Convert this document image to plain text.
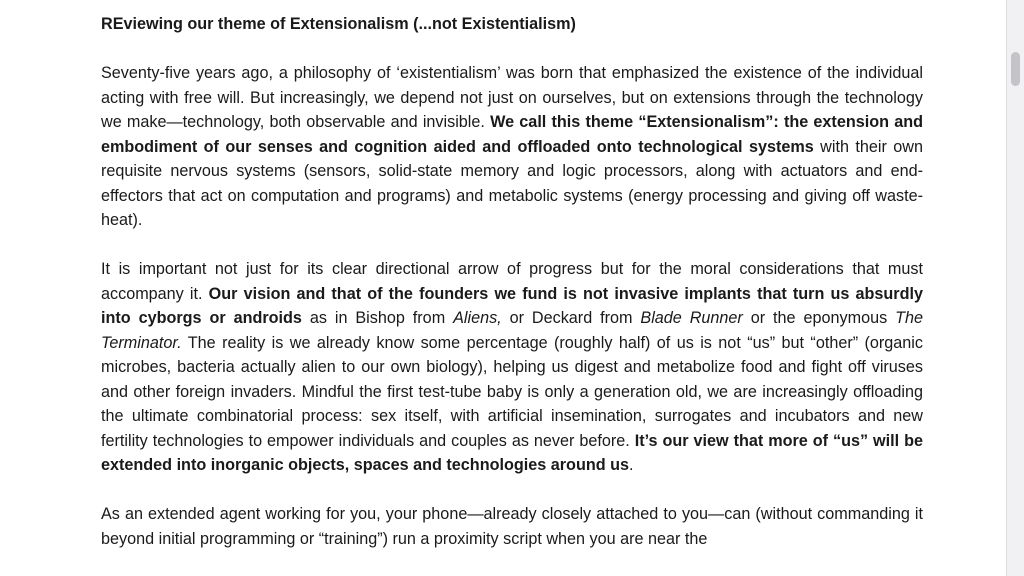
REviewing our theme of Extensionalism (...not Existentialism)

Seventy-five years ago, a philosophy of ‘existentialism’ was born that emphasized the existence of the individual acting with free will. But increasingly, we depend not just on ourselves, but on extensions through the technology we make—technology, both observable and invisible. We call this theme “Extensionalism”: the extension and embodiment of our senses and cognition aided and offloaded onto technological systems with their own requisite nervous systems (sensors, solid-state memory and logic processors, along with actuators and end-effectors that act on computation and programs) and metabolic systems (energy processing and giving off waste-heat).

It is important not just for its clear directional arrow of progress but for the moral considerations that must accompany it. Our vision and that of the founders we fund is not invasive implants that turn us absurdly into cyborgs or androids as in Bishop from Aliens, or Deckard from Blade Runner or the eponymous The Terminator. The reality is we already know some percentage (roughly half) of us is not “us” but “other” (organic microbes, bacteria actually alien to our own biology), helping us digest and metabolize food and fight off viruses and other foreign invaders. Mindful the first test-tube baby is only a generation old, we are increasingly offloading the ultimate combinatorial process: sex itself, with artificial insemination, surrogates and incubators and new fertility technologies to empower individuals and couples as never before. It’s our view that more of “us” will be extended into inorganic objects, spaces and technologies around us.

As an extended agent working for you, your phone—already closely attached to you—can (without commanding it beyond initial programming or “training”) run a proximity script when you are near the
